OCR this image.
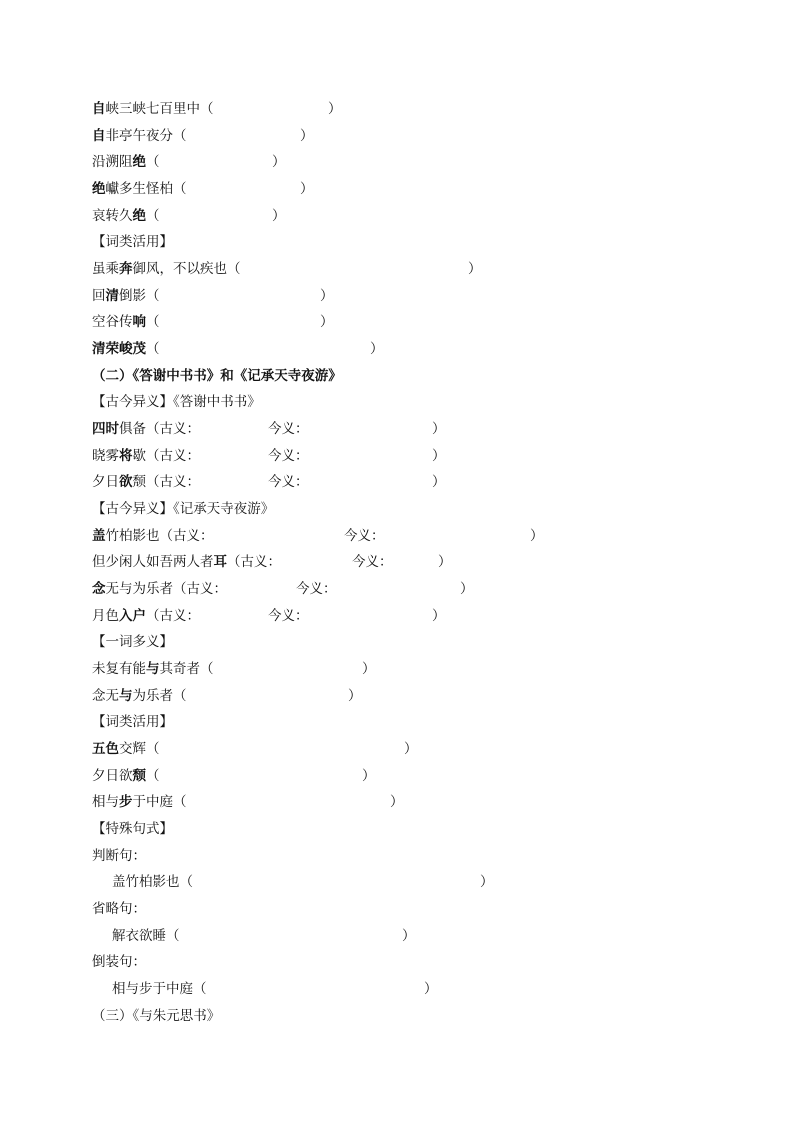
自峡三峡七百里中（	）
自非亭午夜分（	）
沿溯阻绝（	）
绝巘多生怪柏（	）
哀转久绝（	）
【词类活用】
虽乘奔御风，不以疾也（	）
回清倒影（	）
空谷传响（	）
清荣峻茂（	）
（二）《答谢中书书》和《记承天寺夜游》
【古今异义】《答谢中书书》
四时俱备（古义：	今义：	）
晓雾将歇（古义：	今义：	）
夕日欲颓（古义：	今义：	）
【古今异义】《记承天寺夜游》
盖竹柏影也（古义：	今义：	）
但少闲人如吾两人者耳（古义：	今义：	）
念无与为乐者（古义：	今义：	）
月色入户（古义：	今义：	）
【一词多义】
未复有能与其奇者（	）
念无与为乐者（	）
【词类活用】
五色交辉（	）
夕日欲颓（	）
相与步于中庭（	）
【特殊句式】
判断句：
盖竹柏影也（	）
省略句：
解衣欲睡（	）
倒装句：
相与步于中庭（	）
（三）《与朱元思书》
